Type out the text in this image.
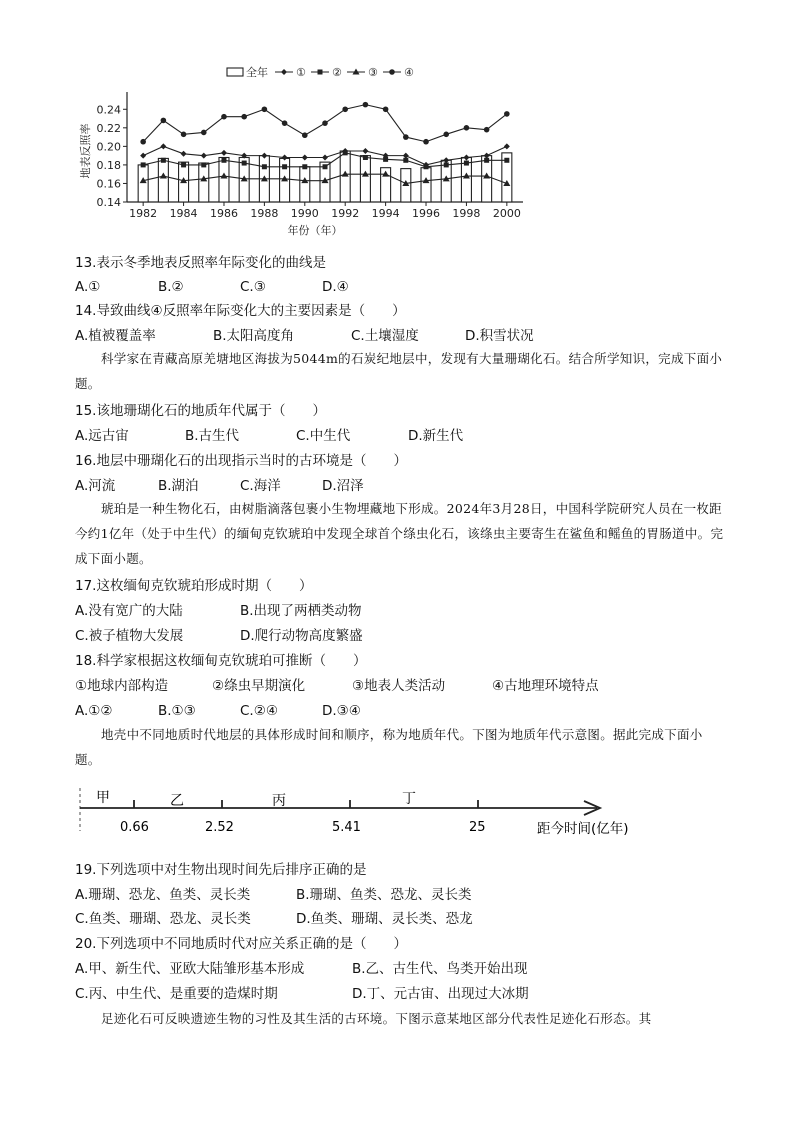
0.24
0.22
0.20
0.18
0.16
0.14
地表反照率
1982 1984 1986 1988 1990 1992 1994 1996 1998 2000
年份（年）
全年	① ② ③ ④
13.表示冬季地表反照率年际变化的曲线是
A.①	B.②	C.③	D.④
14.导致曲线④反照率年际变化大的主要因素是（　　）
A.植被覆盖率	B.太阳高度角	C.土壤湿度	D.积雪状况
科学家在青藏高原羌塘地区海拔为5044m的石炭纪地层中，发现有大量珊瑚化石。结合所学知识，完成下面小题。
15.该地珊瑚化石的地质年代属于（　　）
A.远古宙	B.古生代	C.中生代	D.新生代
16.地层中珊瑚化石的出现指示当时的古环境是（　　）
A.河流	B.湖泊	C.海洋	D.沼泽
琥珀是一种生物化石，由树脂滴落包裹小生物埋藏地下形成。2024年3月28日，中国科学院研究人员在一枚距今约1亿年（处于中生代）的缅甸克钦琥珀中发现全球首个绦虫化石，该绦虫主要寄生在鲨鱼和鳐鱼的胃肠道中。完成下面小题。
17.这枚缅甸克钦琥珀形成时期（　　）
A.没有宽广的大陆	B.出现了两栖类动物
C.被子植物大发展	D.爬行动物高度繁盛
18.科学家根据这枚缅甸克钦琥珀可推断（　　）
①地球内部构造	②绦虫早期演化	③地表人类活动	④古地理环境特点
A.①②	B.①③	C.②④	D.③④
地壳中不同地质时代地层的具体形成时间和顺序，称为地质年代。下图为地质年代示意图。据此完成下面小题。
甲	乙	丙	丁
0.66	2.52	5.41	25	距今时间(亿年)
19.下列选项中对生物出现时间先后排序正确的是
A.珊瑚、恐龙、鱼类、灵长类	B.珊瑚、鱼类、恐龙、灵长类
C.鱼类、珊瑚、恐龙、灵长类	D.鱼类、珊瑚、灵长类、恐龙
20.下列选项中不同地质时代对应关系正确的是（　　）
A.甲、新生代、亚欧大陆雏形基本形成	B.乙、古生代、鸟类开始出现
C.丙、中生代、是重要的造煤时期	D.丁、元古宙、出现过大冰期
足迹化石可反映遗迹生物的习性及其生活的古环境。下图示意某地区部分代表性足迹化石形态。其
